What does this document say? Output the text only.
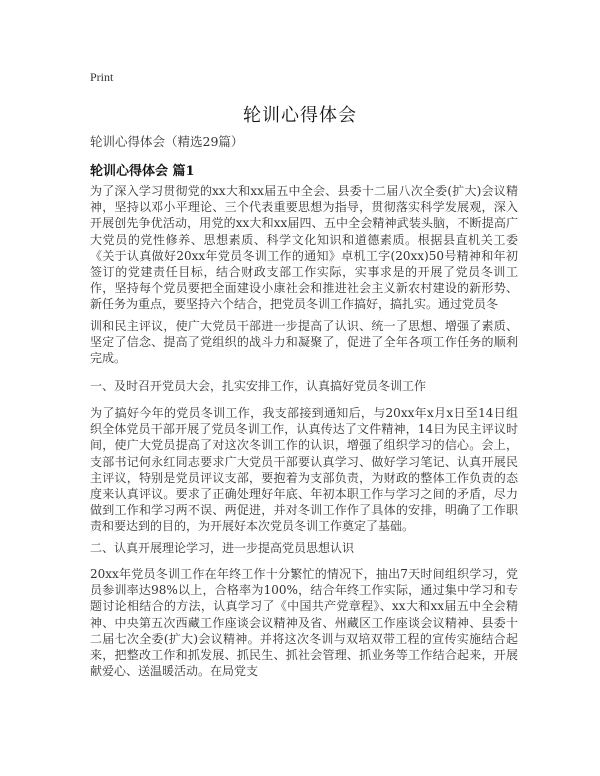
Print
轮训心得体会
轮训心得体会（精选29篇）
轮训心得体会 篇1

为了深入学习贯彻党的xx大和xx届五中全会、县委十二届八次全委(扩大)会议精神，坚持以邓小平理论、三个代表重要思想为指导，贯彻落实科学发展观，深入开展创先争优活动，用党的xx大和xx届四、五中全会精神武装头脑，不断提高广大党员的党性修养、思想素质、科学文化知识和道德素质。根据县直机关工委《关于认真做好20xx年党员冬训工作的通知》卓机工字(20xx)50号精神和年初签订的党建责任目标，结合财政支部工作实际，实事求是的开展了党员冬训工作，坚持每个党员要把全面建设小康社会和推进社会主义新农村建设的新形势、新任务为重点，要坚持六个结合，把党员冬训工作搞好，搞扎实。通过党员冬

训和民主评议，使广大党员干部进一步提高了认识、统一了思想、增强了素质、坚定了信念、提高了党组织的战斗力和凝聚了，促进了全年各项工作任务的顺利完成。

一、及时召开党员大会，扎实安排工作，认真搞好党员冬训工作

为了搞好今年的党员冬训工作，我支部接到通知后，与20xx年x月x日至14日组织全体党员干部开展了党员冬训工作，认真传达了文件精神，14日为民主评议时间，使广大党员提高了对这次冬训工作的认识，增强了组织学习的信心。会上，支部书记何永红同志要求广大党员干部要认真学习、做好学习笔记、认真开展民主评议，特别是党员评议支部，要抱着为支部负责，为财政的整体工作负责的态度来认真评议。要求了正确处理好年底、年初本职工作与学习之间的矛盾，尽力做到工作和学习两不误、两促进，并对冬训工作作了具体的安排，明确了工作职责和要达到的目的，为开展好本次党员冬训工作奠定了基础。

二、认真开展理论学习，进一步提高党员思想认识

20xx年党员冬训工作在年终工作十分繁忙的情况下，抽出7天时间组织学习，党员参训率达98%以上，合格率为100%，结合年终工作实际，通过集中学习和专题讨论相结合的方法，认真学习了《中国共产党章程》、xx大和xx届五中全会精神、中央第五次西藏工作座谈会议精神及省、州藏区工作座谈会议精神、县委十二届七次全委(扩大)会议精神。并将这次冬训与双培双带工程的宣传实施结合起来，把整改工作和抓发展、抓民生、抓社会管理、抓业务等工作结合起来，开展献爱心、送温暖活动。在局党支
